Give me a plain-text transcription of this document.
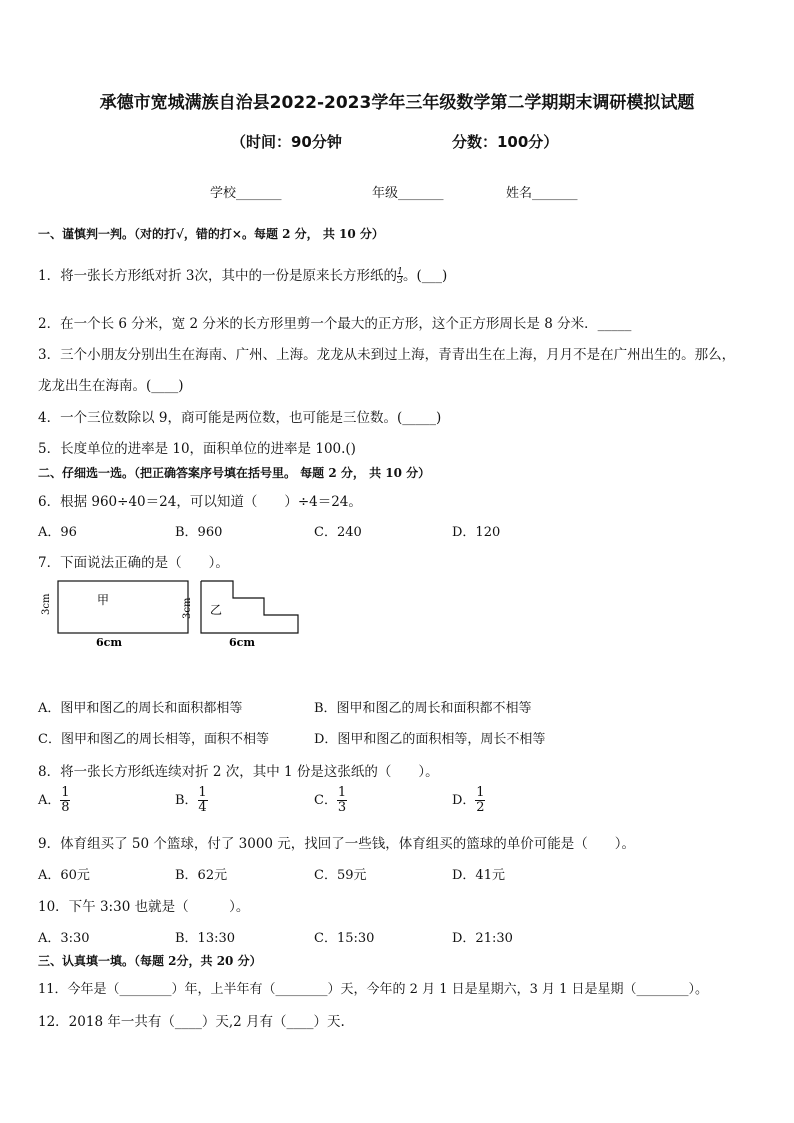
承德市宽城满族自治县2022-2023学年三年级数学第二学期期末调研模拟试题
（时间：90分钟	分数：100分）
学校_______	年级_______	姓名_______
一、谨慎判一判。（对的打√，错的打×。每题 2 分， 共 10 分）
1．将一张长方形纸对折 3次，其中的一份是原来长方形纸的 $\frac{1}{3}$ 。(___)
2．在一个长 6 分米，宽 2 分米的长方形里剪一个最大的正方形，这个正方形周长是 8 分米．_____
3．三个小朋友分别出生在海南、广州、上海。龙龙从未到过上海，青青出生在上海，月月不是在广州出生的。那么，
龙龙出生在海南。(____)
4．一个三位数除以 9，商可能是两位数，也可能是三位数。(_____)
5．长度单位的进率是 10，面积单位的进率是 100.()
二、仔细选一选。（把正确答案序号填在括号里。 每题 2 分， 共 10 分）
6．根据 960÷40＝24，可以知道（　　）÷4＝24。
A．96	B．960	C．240	D．120
7．下面说法正确的是（　　）。
甲
3cm
6cm
乙
3cm
6cm
A．图甲和图乙的周长和面积都相等	B．图甲和图乙的周长和面积都不相等
C．图甲和图乙的周长相等，面积不相等	D．图甲和图乙的面积相等，周长不相等
8．将一张长方形纸连续对折 2 次，其中 1 份是这张纸的（　　）。
A． $\frac{1}{8}$	B． $\frac{1}{4}$	C． $\frac{1}{3}$	D． $\frac{1}{2}$
9．体育组买了 50 个篮球，付了 3000 元，找回了一些钱，体育组买的篮球的单价可能是（　　）。
A．60元	B．62元	C．59元	D．41元
10．下午 3:30 也就是（　　　）。
A．3:30	B．13:30	C．15:30	D．21:30
三、认真填一填。（每题 2分，共 20 分）
11．今年是（________）年，上半年有（________）天，今年的 2 月 1 日是星期六，3 月 1 日是星期（________）。
12．2018 年一共有（____）天,2 月有（____）天.
